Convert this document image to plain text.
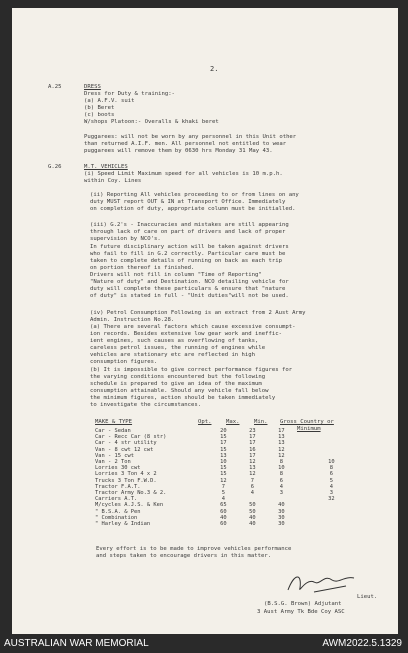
2.
A.25	DRESS
Dress for Duty & training:-
(a) A.F.V. suit
(b) Beret
(c) boots
W/shops Platoon:- Overalls & khaki beret
Puggarees: will not be worn by any personnel in this Unit other
than returned A.I.F. men. All personnel not entitled to wear
puggarees will remove them by 0630 hrs Monday 31 May 43.
G.26	M.T. VEHICLES
(i) Speed Limit Maximum speed for all vehicles is 10 m.p.h.
within Coy. Lines
(ii) Reporting All vehicles proceeding to or from lines on any
duty MUST report OUT & IN at Transport Office. Immediately
on completion of duty, appropriate column must be initialled.
(iii) G.2's - Inaccuracies and mistakes are still appearing
through lack of care on part of drivers and lack of proper
supervision by NCO's.
In future disciplinary action will be taken against drivers
who fail to fill in G.2 correctly. Particular care must be
taken to complete details of running on back as each trip
on portion thereof is finished.
Drivers will not fill in column "Time of Reporting"
"Nature of duty" and Destination. NCO detailing vehicle for
duty will complete these particulars & ensure that "nature
of duty" is stated in full - "Unit duties"will not be used.
(iv) Petrol Consumption Following is an extract from 2 Aust Army
Admin. Instruction No.28.
(a) There are several factors which cause excessive consumpt-
ion records. Besides extensive low gear work and ineffic-
ient engines, such causes as overflowing of tanks,
careless petrol issues, the running of engines while
vehicles are stationary etc are reflected in high
consumption figures.
(b) It is impossible to give correct performance figures for
the varying conditions encountered but the following
schedule is prepared to give an idea of the maximum
consumption attainable. Should any vehicle fall below
the minimum figures, action should be taken immediately
to investigate the circumstances.
MAKE & TYPE	Opt.	Max.	Min. Gross Country or
Minimum
Car - Sedan		20	23	17	
Car - Recc Car (8 str)		15	17	13	
Car - 4 str utility		17	17	13	
Van - 8 cwt 12 cwt		15	16	12	
Van - 15 cwt		13	17	12	
Van - 2 Ton		10	12	8	10
Lorries 30 cwt		15	13	10	8
Lorries 3 Ton 4 x 2		15	12	8	6
Trucks 3 Ton F.W.D.		12	7	6	5
Tractor F.A.T.		7	6	4	4
Tractor Army No.3 & 2.		5	4	3	3
Carriers A.T.		4			32
M/cycles A.J.S. & Ken		65	50	40	
" B.S.A. & Pen		60	50	30	
" Combination		40	40	30	
" Harley & Indian		60	40	30	
Every effort is to be made to improve vehicles performance
and steps taken to encourage drivers in this matter.
Lieut.
(B.S.G. Brown) Adjutant
3 Aust Army Tk Bde Coy ASC
AUSTRALIAN WAR MEMORIAL	AWM2022.5.1329
